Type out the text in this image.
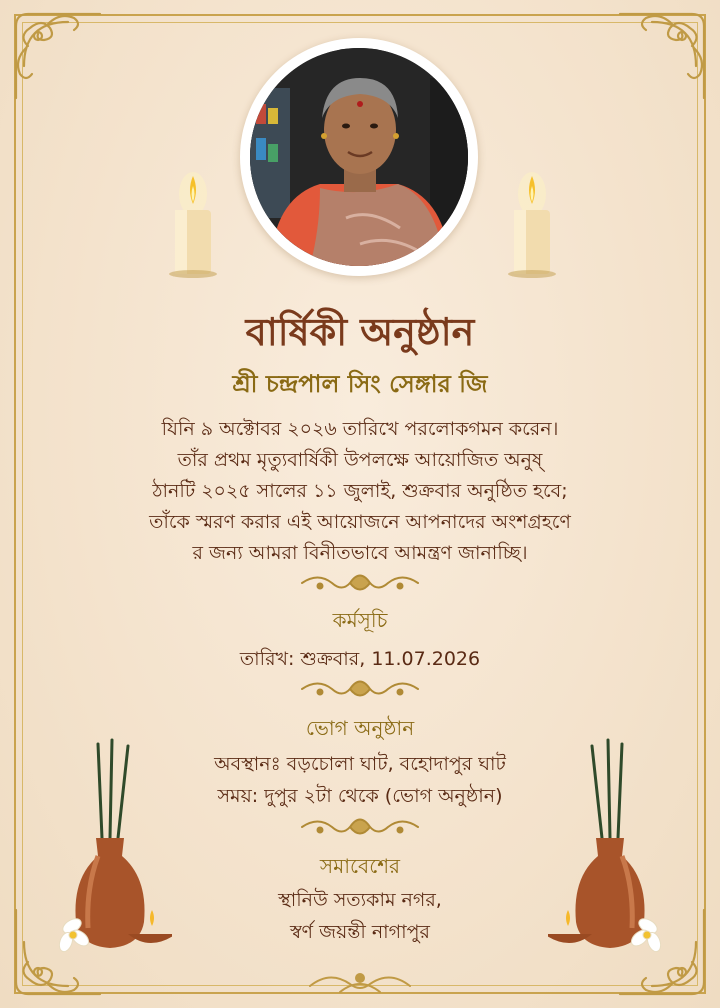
বার্ষিকী অনুষ্ঠান
শ্রী চন্দ্রপাল সিং সেঙ্গার জি

যিনি ৯ অক্টোবর ২০২৬ তারিখে পরলোকগমন করেন।

তাঁর প্রথম মৃত্যুবার্ষিকী উপলক্ষে আয়োজিত অনুষ্

ঠানটি ২০২৫ সালের ১১ জুলাই, শুক্রবার অনুষ্ঠিত হবে;

তাঁকে স্মরণ করার এই আয়োজনে আপনাদের অংশগ্রহণে

র জন্য আমরা বিনীতভাবে আমন্ত্রণ জানাচ্ছি।

কর্মসূচি
তারিখ: শুক্রবার, 11.07.2026
ভোগ অনুষ্ঠান
অবস্থানঃ বড়চোলা ঘাট, বহোদাপুর ঘাট
সময়: দুপুর ২টা থেকে (ভোগ অনুষ্ঠান)
সমাবেশের
স্থানিউ সত্যকাম নগর,
স্বর্ণ জয়ন্তী নাগাপুর
